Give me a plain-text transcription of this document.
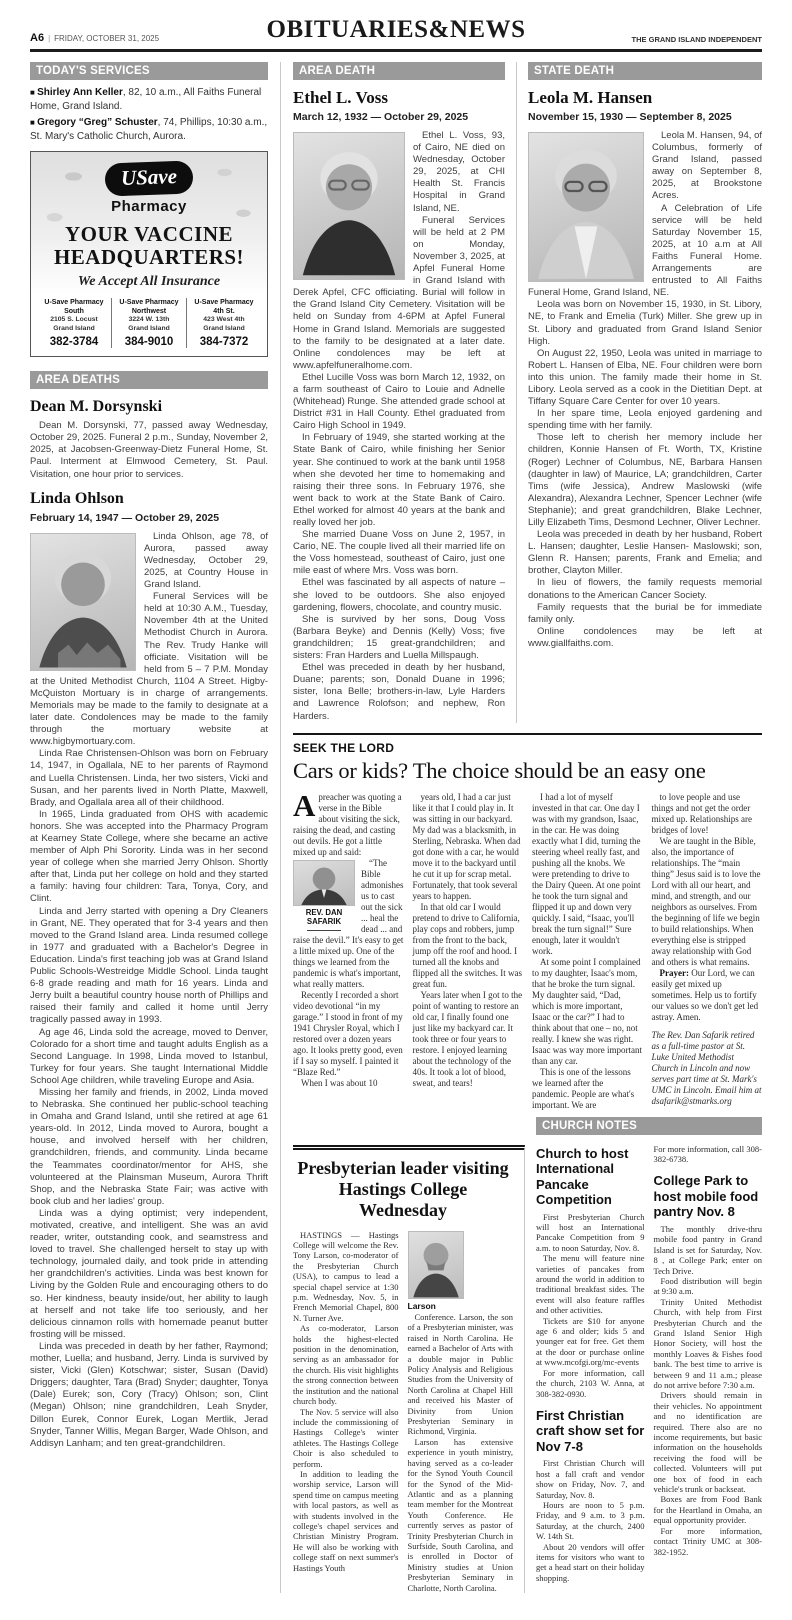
A6 | FRIDAY, OCTOBER 31, 2025	OBITUARIES&NEWS	THE GRAND ISLAND INDEPENDENT
TODAY'S SERVICES
■ Shirley Ann Keller, 82, 10 a.m., All Faiths Funeral Home, Grand Island.
■ Gregory “Greg” Schuster, 74, Phillips, 10:30 a.m., St. Mary's Catholic Church, Aurora.
USave
Pharmacy
YOUR VACCINE HEADQUARTERS!
We Accept All Insurance
U-Save Pharmacy South
2105 S. Locust
Grand Island
382-3784
U-Save Pharmacy Northwest
3224 W. 13th
Grand Island
384-9010
U-Save Pharmacy 4th St.
423 West 4th
Grand Island
384-7372
AREA DEATHS
Dean M. Dorsynski

Dean M. Dorsynski, 77, passed away Wednesday, October 29, 2025. Funeral 2 p.m., Sunday, November 2, 2025, at Jacobsen-Greenway-Dietz Funeral Home, St. Paul. Interment at Elmwood Cemetery, St. Paul. Visitation, one hour prior to services.

Linda Ohlson
February 14, 1947 — October 29, 2025

Linda Ohlson, age 78, of Aurora, passed away Wednesday, October 29, 2025, at Country House in Grand Island.

Funeral Services will be held at 10:30 A.M., Tuesday, November 4th at the United Methodist Church in Aurora. The Rev. Trudy Hanke will officiate. Visitation will be held from 5 – 7 P.M. Monday at the United Methodist Church, 1104 A Street. Higby-McQuiston Mortuary is in charge of arrangements. Memorials may be made to the family to designate at a later date. Condolences may be made to the family through the mortuary website at www.higbymortuary.com.

Linda Rae Christensen-Ohlson was born on February 14, 1947, in Ogallala, NE to her parents of Raymond and Luella Christensen. Linda, her two sisters, Vicki and Susan, and her parents lived in North Platte, Maxwell, Brady, and Ogallala area all of their childhood.

In 1965, Linda graduated from OHS with academic honors. She was accepted into the Pharmacy Program at Kearney State College, where she became an active member of Alph Phi Sorority. Linda was in her second year of college when she married Jerry Ohlson. Shortly after that, Linda put her college on hold and they started a family: having four children: Tara, Tonya, Cory, and Clint.

Linda and Jerry started with opening a Dry Cleaners in Grant, NE. They operated that for 3-4 years and then moved to the Grand Island area. Linda resumed college in 1977 and graduated with a Bachelor's Degree in Education. Linda's first teaching job was at Grand Island Public Schools-Westreidge Middle School. Linda taught 6-8 grade reading and math for 16 years. Linda and Jerry built a beautiful country house north of Phillips and raised their family and called it home until Jerry tragically passed away in 1993.

Ag age 46, Linda sold the acreage, moved to Denver, Colorado for a short time and taught adults English as a Second Language. In 1998, Linda moved to Istanbul, Turkey for four years. She taught International Middle School Age children, while traveling Europe and Asia.

Missing her family and friends, in 2002, Linda moved to Nebraska. She continued her public-school teaching in Omaha and Grand Island, until she retired at age 61 years-old. In 2012, Linda moved to Aurora, bought a house, and involved herself with her children, grandchildren, friends, and community. Linda became the Teammates coordinator/mentor for AHS, she volunteered at the Plainsman Museum, Aurora Thrift Shop, and the Nebraska State Fair; was active with book club and her ladies' group.

Linda was a dying optimist; very independent, motivated, creative, and intelligent. She was an avid reader, writer, outstanding cook, and seamstress and loved to travel. She challenged herselt to stay up with technology, journaled daily, and took pride in attending her grandchildren's activities. Linda was best known for Living by the Golden Rule and encouraging others to do so. Her kindness, beauty inside/out, her ability to laugh at herself and not take life too seriously, and her delicious cinnamon rolls with homemade peanut butter frosting will be missed.

Linda was preceded in death by her father, Raymond; mother, Luella; and husband, Jerry. Linda is survived by sister, Vicki (Glen) Kotschwar; sister, Susan (David) Driggers; daughter, Tara (Brad) Snyder; daughter, Tonya (Dale) Eurek; son, Cory (Tracy) Ohlson; son, Clint (Megan) Ohlson; nine grandchildren, Leah Snyder, Dillon Eurek, Connor Eurek, Logan Mertlik, Jerad Snyder, Tanner Willis, Megan Barger, Wade Ohlson, and Addisyn Lanham; and ten great-grandchildren.

AREA DEATH
Ethel L. Voss
March 12, 1932 — October 29, 2025

Ethel L. Voss, 93, of Cairo, NE died on Wednesday, October 29, 2025, at CHI Health St. Francis Hospital in Grand Island, NE.

Funeral Services will be held at 2 PM on Monday, November 3, 2025, at Apfel Funeral Home in Grand Island with Derek Apfel, CFC officiating. Burial will follow in the Grand Island City Cemetery. Visitation will be held on Sunday from 4-6PM at Apfel Funeral Home in Grand Island. Memorials are suggested to the family to be designated at a later date. Online condolences may be left at www.apfelfuneralhome.com.

Ethel Lucille Voss was born March 12, 1932, on a farm southeast of Cairo to Louie and Adnelle (Whitehead) Runge. She attended grade school at District #31 in Hall County. Ethel graduated from Cairo High School in 1949.

In February of 1949, she started working at the State Bank of Cairo, while finishing her Senior year. She continued to work at the bank until 1958 when she devoted her time to homemaking and raising their three sons. In February 1976, she went back to work at the State Bank of Cairo. Ethel worked for almost 40 years at the bank and really loved her job.

She married Duane Voss on June 2, 1957, in Cario, NE. The couple lived all their married life on the Voss homestead, southeast of Cairo, just one mile east of where Mrs. Voss was born.

Ethel was fascinated by all aspects of nature – she loved to be outdoors. She also enjoyed gardening, flowers, chocolate, and country music.

She is survived by her sons, Doug Voss (Barbara Beyke) and Dennis (Kelly) Voss; five grandchildren; 15 great-grandchildren; and sisters: Fran Harders and Luella Millspaugh.

Ethel was preceded in death by her husband, Duane; parents; son, Donald Duane in 1996; sister, Iona Belle; brothers-in-law, Lyle Harders and Lawrence Rolofson; and nephew, Ron Harders.

STATE DEATH
Leola M. Hansen
November 15, 1930 — September 8, 2025

Leola M. Hansen, 94, of Columbus, formerly of Grand Island, passed away on September 8, 2025, at Brookstone Acres.

A Celebration of Life service will be held Saturday November 15, 2025, at 10 a.m at All Faiths Funeral Home. Arrangements are entrusted to All Faiths Funeral Home, Grand Island, NE.

Leola was born on November 15, 1930, in St. Libory, NE, to Frank and Emelia (Turk) Miller. She grew up in St. Libory and graduated from Grand Island Senior High.

On August 22, 1950, Leola was united in marriage to Robert L. Hansen of Elba, NE. Four children were born into this union. The family made their home in St. Libory. Leola served as a cook in the Dietitian Dept. at Tiffany Square Care Center for over 10 years.

In her spare time, Leola enjoyed gardening and spending time with her family.

Those left to cherish her memory include her children, Konnie Hansen of Ft. Worth, TX, Kristine (Roger) Lechner of Columbus, NE, Barbara Hansen (daughter in law) of Maurice, LA; grandchildren, Carter Tims (wife Jessica), Andrew Maslowski (wife Alexandra), Alexandra Lechner, Spencer Lechner (wife Stephanie); and great grandchildren, Blake Lechner, Lilly Elizabeth Tims, Desmond Lechner, Oliver Lechner.

Leola was preceded in death by her husband, Robert L. Hansen; daughter, Leslie Hansen- Maslowski; son, Glenn R. Hansen; parents, Frank and Emelia; and brother, Clayton Miller.

In lieu of flowers, the family requests memorial donations to the American Cancer Society.

Family requests that the burial be for immediate family only.

Online condolences may be left at www.giallfaiths.com.

SEEK THE LORD
Cars or kids? The choice should be an easy one

Apreacher was quoting a verse in the Bible about visiting the sick, raising the dead, and casting out devils. He got a little mixed up and said:

REV. DAN
SAFARIK

“The Bible admonishes us to cast out the sick ... heal the dead ... and raise the devil.” It's easy to get a little mixed up. One of the things we learned from the pandemic is what's important, what really matters.

Recently I recorded a short video devotional “in my garage.” I stood in front of my 1941 Chrysler Royal, which I restored over a dozen years ago. It looks pretty good, even if I say so myself. I painted it “Blaze Red.”

When I was about 10

years old, I had a car just like it that I could play in. It was sitting in our backyard. My dad was a blacksmith, in Sterling, Nebraska. When dad got done with a car, he would move it to the backyard until he cut it up for scrap metal. Fortunately, that took several years to happen.

In that old car I would pretend to drive to California, play cops and robbers, jump from the front to the back, jump off the roof and hood. I turned all the knobs and flipped all the switches. It was great fun.

Years later when I got to the point of wanting to restore an old car, I finally found one just like my backyard car. It took three or four years to restore. I enjoyed learning about the technology of the 40s. It took a lot of blood, sweat, and tears!

I had a lot of myself invested in that car. One day I was with my grandson, Isaac, in the car. He was doing exactly what I did, turning the steering wheel really fast, and pushing all the knobs. We were pretending to drive to the Dairy Queen. At one point he took the turn signal and flipped it up and down very quickly. I said, “Isaac, you'll break the turn signal!” Sure enough, later it wouldn't work.

At some point I complained to my daughter, Isaac's mom, that he broke the turn signal. My daughter said, “Dad, which is more important, Isaac or the car?” I had to think about that one – no, not really. I knew she was right. Isaac was way more important than any car.

This is one of the lessons we learned after the pandemic. People are what's important. We are

to love people and use things and not get the order mixed up. Relationships are bridges of love!

We are taught in the Bible, also, the importance of relationships. The “main thing” Jesus said is to love the Lord with all our heart, and mind, and strength, and our neighbors as ourselves. From the beginning of life we begin to build relationships. When everything else is stripped away relationship with God and others is what remains.

Prayer: Our Lord, we can easily get mixed up sometimes. Help us to fortify our values so we don't get led astray. Amen.

The Rev. Dan Safarik retired as a full-time pastor at St. Luke United Methodist Church in Lincoln and now serves part time at St. Mark's UMC in Lincoln. Email him at dsafarik@stmarks.org

Presbyterian leader visiting Hastings College Wednesday

HASTINGS — Hastings College will welcome the Rev. Tony Larson, co-moderator of the Presbyterian Church (USA), to campus to lead a special chapel service at 1:30 p.m. Wednesday, Nov. 5, in French Memorial Chapel, 800 N. Turner Ave.

As co-moderator, Larson holds the highest-elected position in the denomination, serving as an ambassador for the church. His visit highlights the strong connection between the institution and the national church body.

The Nov. 5 service will also include the commissioning of Hastings College's winter athletes. The Hastings College Choir is also scheduled to perform.

In addition to leading the worship service, Larson will spend time on campus meeting with local pastors, as well as with students involved in the college's chapel services and Christian Ministry Program. He will also be working with college staff on next summer's Hastings Youth

Larson

Conference. Larson, the son of a Presbyterian minister, was raised in North Carolina. He earned a Bachelor of Arts with a double major in Public Policy Analysis and Religious Studies from the University of North Carolina at Chapel Hill and received his Master of Divinity from Union Presbyterian Seminary in Richmond, Virginia.

Larson has extensive experience in youth ministry, having served as a co-leader for the Synod Youth Council for the Synod of the Mid-Atlantic and as a planning team member for the Montreat Youth Conference. He currently serves as pastor of Trinity Presbyterian Church in Surfside, South Carolina, and is enrolled in Doctor of Ministry studies at Union Presbyterian Seminary in Charlotte, North Carolina.

CHURCH NOTES
Church to host International Pancake Competition

First Presbyterian Church will host an International Pancake Competition from 9 a.m. to noon Saturday, Nov. 8.

The menu will feature nine varieties of pancakes from around the world in addition to traditional breakfast sides. The event will also feature raffles and other activities.

Tickets are $10 for anyone age 6 and older; kids 5 and younger eat for free. Get them at the door or purchase online at www.mcofgi.org/mc-events

For more information, call the church, 2103 W. Anna, at 308-382-0930.

First Christian craft show set for Nov 7-8

First Christian Church will host a fall craft and vendor show on Friday, Nov. 7, and Saturday, Nov. 8.

Hours are noon to 5 p.m. Friday, and 9 a.m. to 3 p.m. Saturday, at the church, 2400 W. 14th St.

About 20 vendors will offer items for visitors who want to get a head start on their holiday shopping.

For more information, call 308-382-6738.

College Park to host mobile food pantry Nov. 8

The monthly drive-thru mobile food pantry in Grand Island is set for Saturday, Nov. 8 , at College Park; enter on Tech Drive.

Food distribution will begin at 9:30 a.m.

Trinity United Methodist Church, with help from First Presbyterian Church and the Grand Island Senior High Honor Society, will host the monthly Loaves & Fishes food bank. The best time to arrive is between 9 and 11 a.m.; please do not arrive before 7:30 a.m.

Drivers should remain in their vehicles. No appointment and no identification are required. There also are no income requirements, but basic information on the households receiving the food will be collected. Volunteers will put one box of food in each vehicle's trunk or backseat.

Boxes are from Food Bank for the Heartland in Omaha, an equal opportunity provider.

For more information, contact Trinity UMC at 308-382-1952.
